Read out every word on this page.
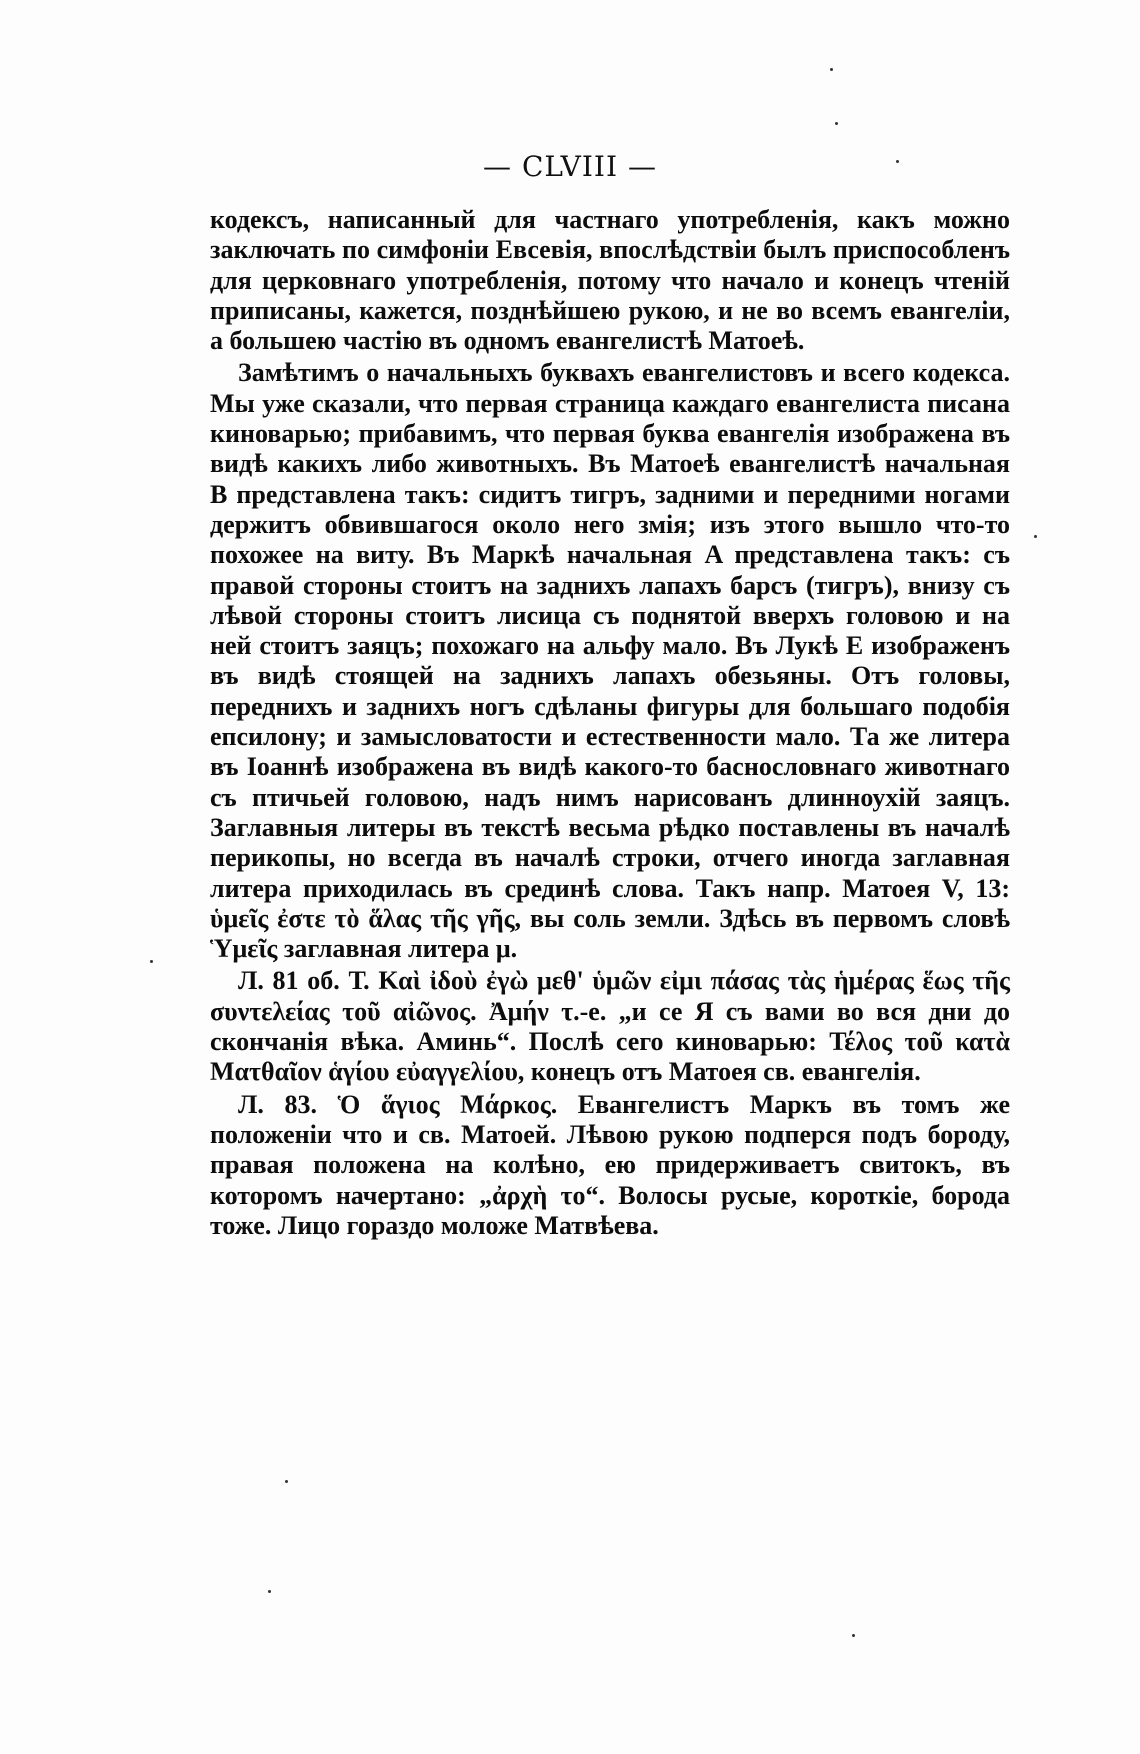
— CLVIII —

кодексъ, написанный для частнаго употребленія, какъ можно заключать по симфоніи Евсевія, впослѣдствіи былъ приспособленъ для церковнаго употребленія, потому что начало и конецъ чтеній приписаны, кажется, позднѣйшею рукою, и не во всемъ евангеліи, а большею частію въ одномъ евангелистѣ Матоеѣ.

Замѣтимъ о начальныхъ буквахъ евангелистовъ и всего кодекса. Мы уже сказали, что первая страница каждаго евангелиста писана киноварью; прибавимъ, что первая буква евангелія изображена въ видѣ какихъ либо животныхъ. Въ Матоеѣ евангелистѣ начальная B представлена такъ: сидитъ тигръ, задними и передними ногами держитъ обвившагося около него змія; изъ этого вышло что-то похожее на виту. Въ Маркѣ начальная A представлена такъ: съ правой стороны стоитъ на заднихъ лапахъ барсъ (тигръ), внизу съ лѣвой стороны стоитъ лисица съ поднятой вверхъ головою и на ней стоитъ заяцъ; похожаго на альфу мало. Въ Лукѣ E изображенъ въ видѣ стоящей на заднихъ лапахъ обезьяны. Отъ головы, переднихъ и заднихъ ногъ сдѣланы фигуры для большаго подобія епсилону; и замысловатости и естественности мало. Та же литера въ Іоаннѣ изображена въ видѣ какого-то баснословнаго животнаго съ птичьей головою, надъ нимъ нарисованъ длинноухій заяцъ. Заглавныя литеры въ текстѣ весьма рѣдко поставлены въ началѣ перикопы, но всегда въ началѣ строки, отчего иногда заглавная литера приходилась въ срединѣ слова. Такъ напр. Матоея V, 13: ὑμεῖς ἐστε τὸ ἅλας τῆς γῆς, вы соль земли. Здѣсь въ первомъ словѣ Ὑμεῖς заглавная литера μ.

Л. 81 об. Т. Καὶ ἰδοὺ ἐγὼ μεθ' ὑμῶν εἰμι πάσας τὰς ἡμέρας ἕως τῆς συντελείας τοῦ αἰῶνος. Ἀμήν τ.-е. „и се Я съ вами во вся дни до скончанія вѣка. Аминь“. Послѣ сего киноварью: Τέλος τοῦ κατὰ Ματθαῖον ἁγίου εὐαγγελίου, конецъ отъ Матоея св. евангелія.

Л. 83. Ὁ ἅγιος Μάρκος. Евангелистъ Маркъ въ томъ же положеніи что и св. Матоей. Лѣвою рукою подперся подъ бороду, правая положена на колѣно, ею придерживаетъ свитокъ, въ которомъ начертано: „ἀρχὴ το“. Волосы русые, короткіе, борода тоже. Лицо гораздо моложе Матвѣева.
